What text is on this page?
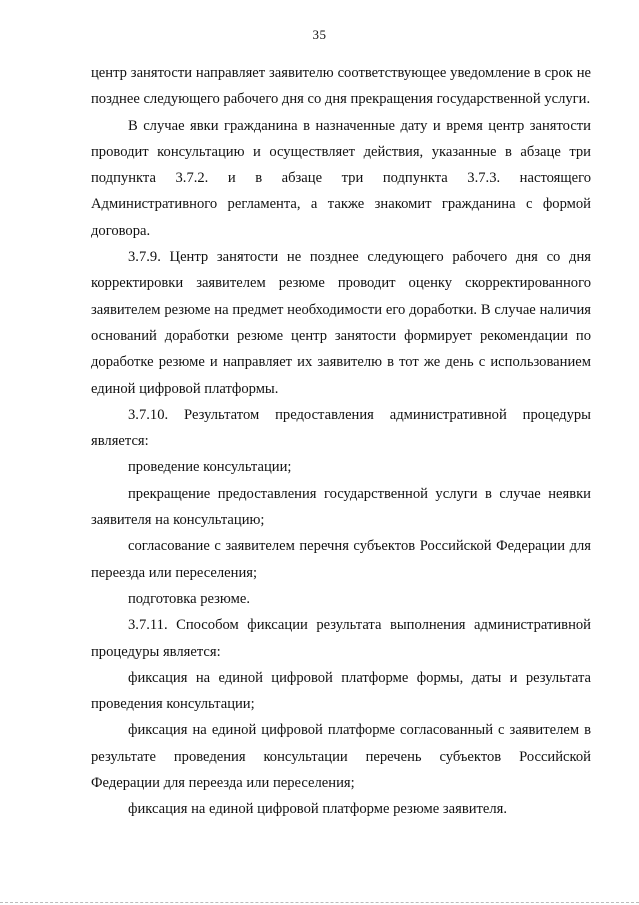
35

центр занятости направляет заявителю соответствующее уведомление в срок не позднее следующего рабочего дня со дня прекращения государственной услуги.

В случае явки гражданина в назначенные дату и время центр занятости проводит консультацию и осуществляет действия, указанные в абзаце три подпункта 3.7.2. и в абзаце три подпункта 3.7.3. настоящего Административного регламента, а также знакомит гражданина с формой договора.

3.7.9. Центр занятости не позднее следующего рабочего дня со дня корректировки заявителем резюме проводит оценку скорректированного заявителем резюме на предмет необходимости его доработки. В случае наличия оснований доработки резюме центр занятости формирует рекомендации по доработке резюме и направляет их заявителю в тот же день с использованием единой цифровой платформы.

3.7.10. Результатом предоставления административной процедуры является:

проведение консультации;

прекращение предоставления государственной услуги в случае неявки заявителя на консультацию;

согласование с заявителем перечня субъектов Российской Федерации для переезда или переселения;

подготовка резюме.

3.7.11. Способом фиксации результата выполнения административной процедуры является:

фиксация на единой цифровой платформе формы, даты и результата проведения консультации;

фиксация на единой цифровой платформе согласованный с заявителем в результате проведения консультации перечень субъектов Российской Федерации для переезда или переселения;

фиксация на единой цифровой платформе резюме заявителя.
